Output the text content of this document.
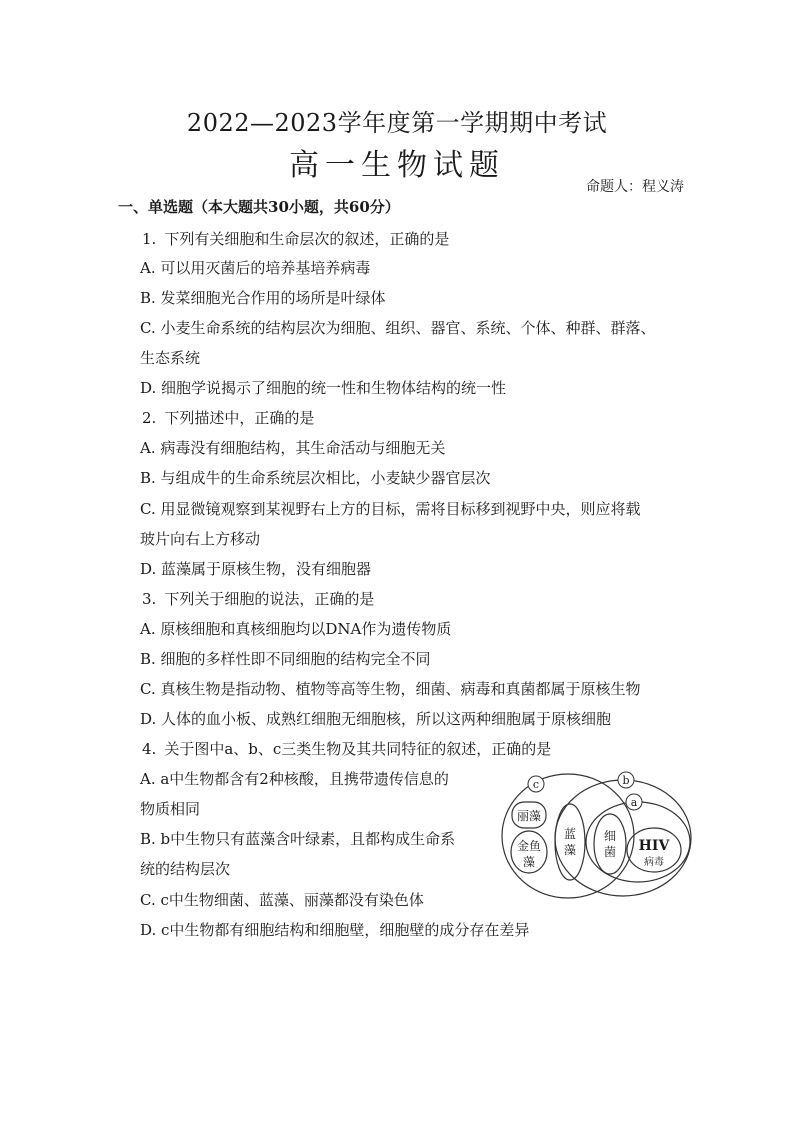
2022—2023学年度第一学期期中考试
高一生物试题
命题人：程义涛
一、单选题（本大题共30小题，共60分）
1. 下列有关细胞和生命层次的叙述，正确的是
A. 可以用灭菌后的培养基培养病毒
B. 发菜细胞光合作用的场所是叶绿体
C. 小麦生命系统的结构层次为细胞、组织、器官、系统、个体、种群、群落、
生态系统
D. 细胞学说揭示了细胞的统一性和生物体结构的统一性
2. 下列描述中，正确的是
A. 病毒没有细胞结构，其生命活动与细胞无关
B. 与组成牛的生命系统层次相比，小麦缺少器官层次
C. 用显微镜观察到某视野右上方的目标，需将目标移到视野中央，则应将载
玻片向右上方移动
D. 蓝藻属于原核生物，没有细胞器
3. 下列关于细胞的说法，正确的是
A. 原核细胞和真核细胞均以DNA作为遗传物质
B. 细胞的多样性即不同细胞的结构完全不同
C. 真核生物是指动物、植物等高等生物，细菌、病毒和真菌都属于原核生物
D. 人体的血小板、成熟红细胞无细胞核，所以这两种细胞属于原核细胞
4. 关于图中a、b、c三类生物及其共同特征的叙述，正确的是
A. a中生物都含有2种核酸，且携带遗传信息的
物质相同
B. b中生物只有蓝藻含叶绿素，且都构成生命系
统的结构层次
C. c中生物细菌、蓝藻、丽藻都没有染色体
D. c中生物都有细胞结构和细胞壁，细胞壁的成分存在差异
c	b
a
丽藻
金鱼
藻
蓝
藻
细
菌 HIV
病毒
